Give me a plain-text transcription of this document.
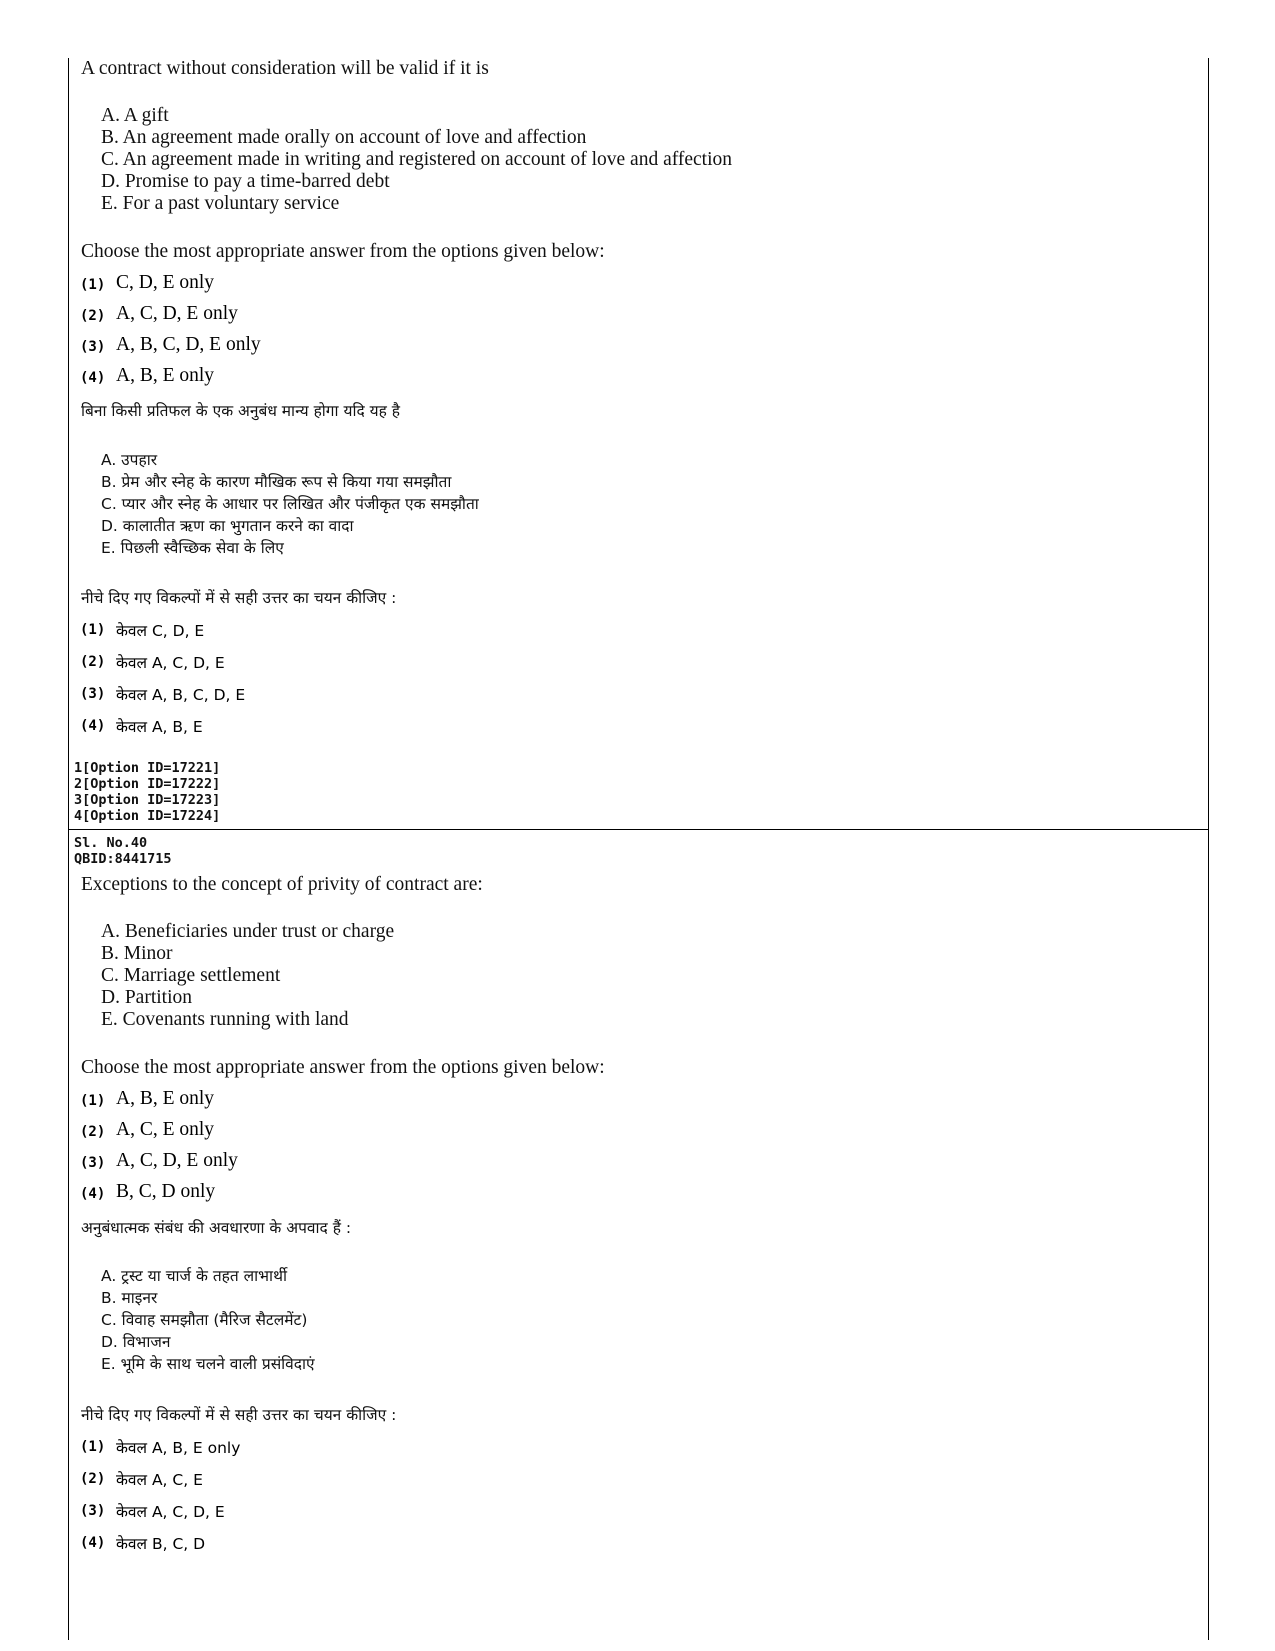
A contract without consideration will be valid if it is
A. A gift
B. An agreement made orally on account of love and affection
C. An agreement made in writing and registered on account of love and affection
D. Promise to pay a time-barred debt
E. For a past voluntary service
Choose the most appropriate answer from the options given below:
(1) C, D, E only
(2) A, C, D, E only
(3) A, B, C, D, E only
(4) A, B, E only
बिना किसी प्रतिफल के एक अनुबंध मान्य होगा यदि यह है
A. उपहार
B. प्रेम और स्नेह के कारण मौखिक रूप से किया गया समझौता
C. प्यार और स्नेह के आधार पर लिखित और पंजीकृत एक समझौता
D. कालातीत ऋण का भुगतान करने का वादा
E. पिछली स्वैच्छिक सेवा के लिए
नीचे दिए गए विकल्पों में से सही उत्तर का चयन कीजिए :
(1) केवल C, D, E
(2) केवल A, C, D, E
(3) केवल A, B, C, D, E
(4) केवल A, B, E
1[Option ID=17221]
2[Option ID=17222]
3[Option ID=17223]
4[Option ID=17224]
Sl. No.40
QBID:8441715
Exceptions to the concept of privity of contract are:
A. Beneficiaries under trust or charge
B. Minor
C. Marriage settlement
D. Partition
E. Covenants running with land
Choose the most appropriate answer from the options given below:
(1) A, B, E only
(2) A, C, E only
(3) A, C, D, E only
(4) B, C, D only
अनुबंधात्मक संबंध की अवधारणा के अपवाद हैं :
A. ट्रस्ट या चार्ज के तहत लाभार्थी
B. माइनर
C. विवाह समझौता (मैरिज सैटलमेंट)
D. विभाजन
E. भूमि के साथ चलने वाली प्रसंविदाएं
नीचे दिए गए विकल्पों में से सही उत्तर का चयन कीजिए :
(1) केवल A, B, E only
(2) केवल A, C, E
(3) केवल A, C, D, E
(4) केवल B, C, D
